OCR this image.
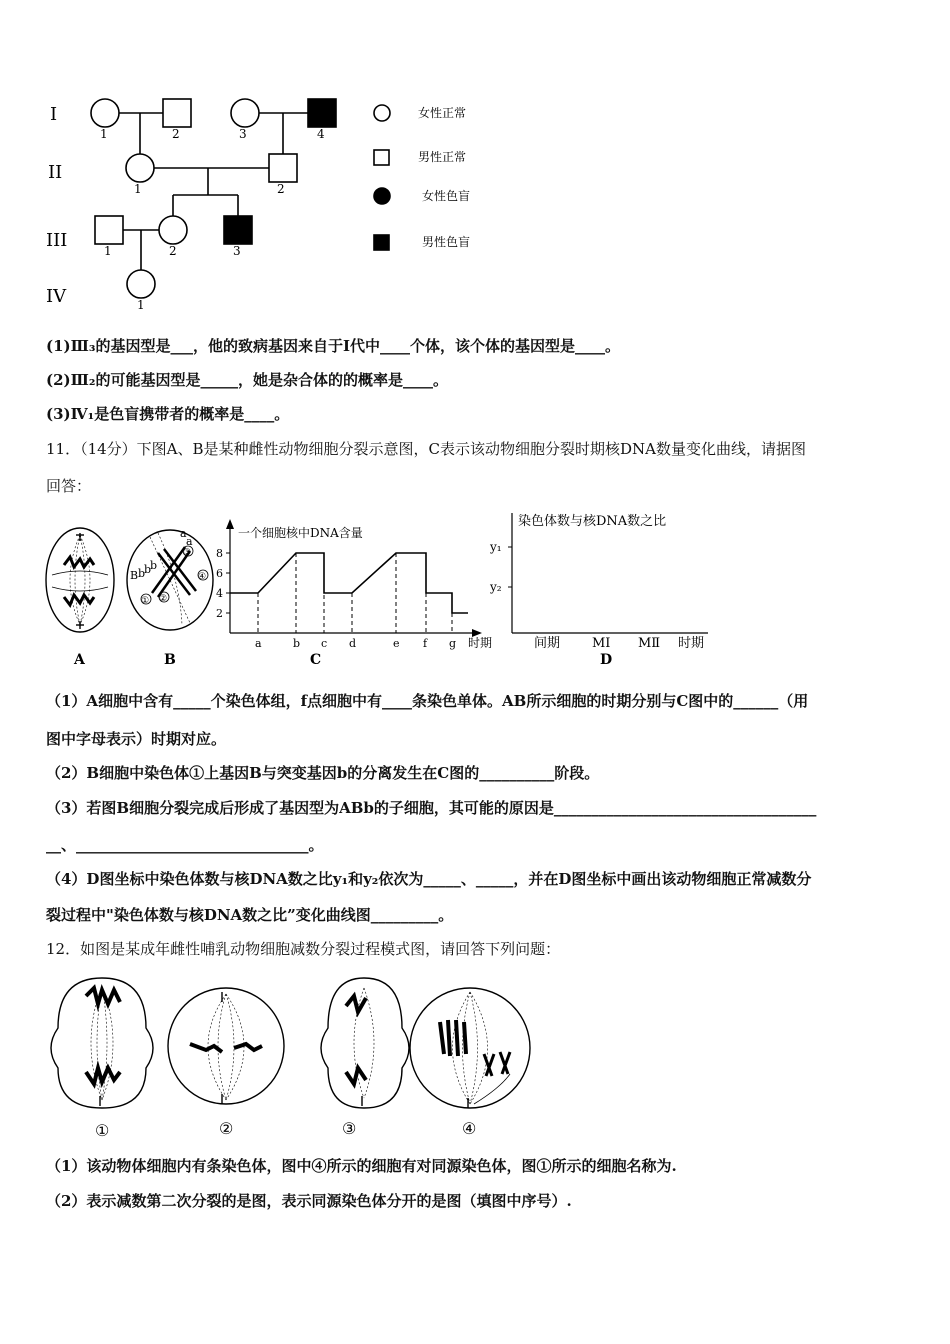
I
II
III
IV
1	2	3	4
1	2
1	2	3
1
女性正常
男性正常
女性色盲
男性色盲
(1)Ⅲ₃的基因型是___，他的致病基因来自于Ⅰ代中____个体，该个体的基因型是____。
(2)Ⅲ₂的可能基因型是_____，她是杂合体的的概率是____。
(3)Ⅳ₁是色盲携带者的概率是____。
11．（14分）下图A、B是某种雌性动物细胞分裂示意图，C表示该动物细胞分裂时期核DNA数量变化曲线，请据图
回答：
A
a
a
B b
b
b
① ②
③
④
B
一个细胞核中DNA含量
2
4
6
8
a	b c d	e f g 时期
C
染色体数与核DNA数之比
y₁
y₂
间期 MⅠ MⅡ 时期
D
（1）A细胞中含有_____个染色体组，f点细胞中有____条染色单体。AB所示细胞的时期分别与C图中的______（用
图中字母表示）时期对应。
（2）B细胞中染色体①上基因B与突变基因b的分离发生在C图的__________阶段。
（3）若图B细胞分裂完成后形成了基因型为ABb的子细胞，其可能的原因是___________________________________
__、_______________________________。
（4）D图坐标中染色体数与核DNA数之比y₁和y₂依次为_____、_____，并在D图坐标中画出该动物细胞正常减数分
裂过程中"染色体数与核DNA数之比”变化曲线图_________。
12．如图是某成年雌性哺乳动物细胞减数分裂过程模式图，请回答下列问题：
①	②	③	④
（1）该动物体细胞内有条染色体，图中④所示的细胞有对同源染色体，图①所示的细胞名称为.
（2）表示减数第二次分裂的是图，表示同源染色体分开的是图（填图中序号）.
